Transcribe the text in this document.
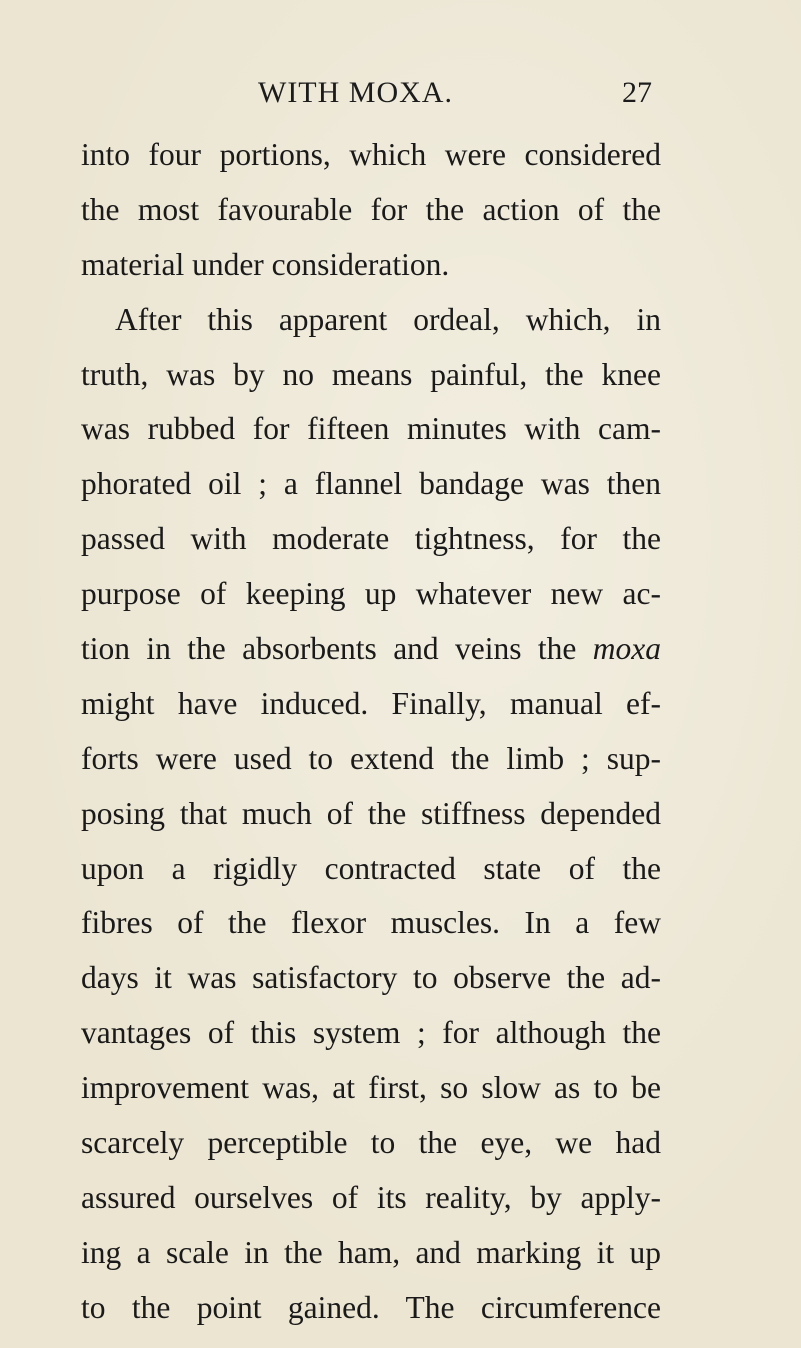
WITH MOXA.	27
into four portions, which were considered
the most favourable for the action of the
material under consideration.
After this apparent ordeal, which, in
truth, was by no means painful, the knee
was rubbed for fifteen minutes with cam-
phorated oil ; a flannel bandage was then
passed with moderate tightness, for the
purpose of keeping up whatever new ac-
tion in the absorbents and veins the moxa
might have induced. Finally, manual ef-
forts were used to extend the limb ; sup-
posing that much of the stiffness depended
upon a rigidly contracted state of the
fibres of the flexor muscles. In a few
days it was satisfactory to observe the ad-
vantages of this system ; for although the
improvement was, at first, so slow as to be
scarcely perceptible to the eye, we had
assured ourselves of its reality, by apply-
ing a scale in the ham, and marking it up
to the point gained. The circumference
